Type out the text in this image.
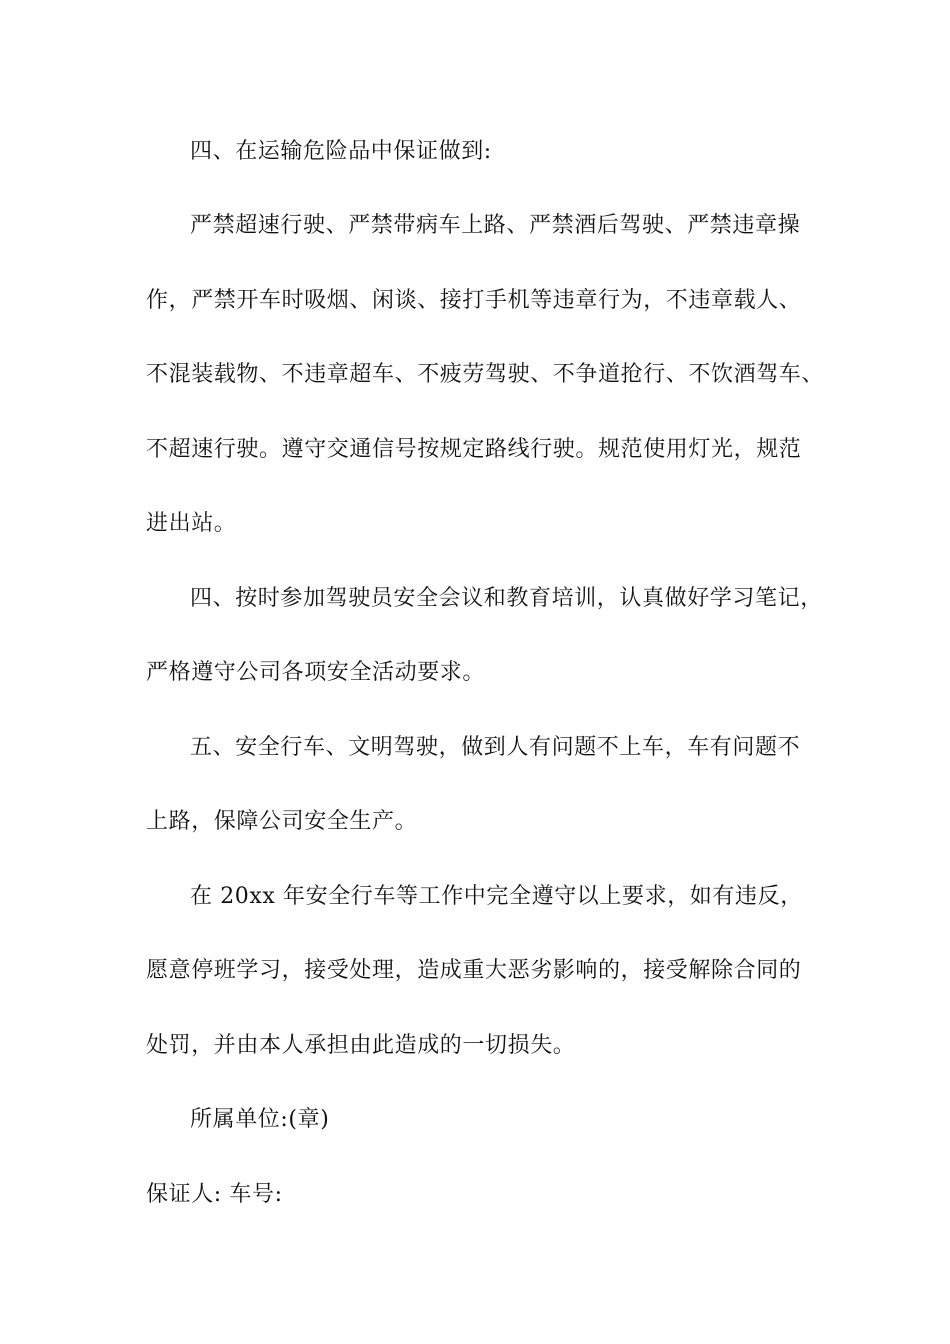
四、在运输危险品中保证做到:
严禁超速行驶、严禁带病车上路、严禁酒后驾驶、严禁违章操
作，严禁开车时吸烟、闲谈、接打手机等违章行为，不违章载人、
不混装载物、不违章超车、不疲劳驾驶、不争道抢行、不饮酒驾车、
不超速行驶。遵守交通信号按规定路线行驶。规范使用灯光，规范
进出站。
四、按时参加驾驶员安全会议和教育培训，认真做好学习笔记，
严格遵守公司各项安全活动要求。
五、安全行车、文明驾驶，做到人有问题不上车，车有问题不
上路，保障公司安全生产。
在 20xx 年安全行车等工作中完全遵守以上要求，如有违反，
愿意停班学习，接受处理，造成重大恶劣影响的，接受解除合同的
处罚，并由本人承担由此造成的一切损失。
所属单位:(章)
保证人: 车号:
